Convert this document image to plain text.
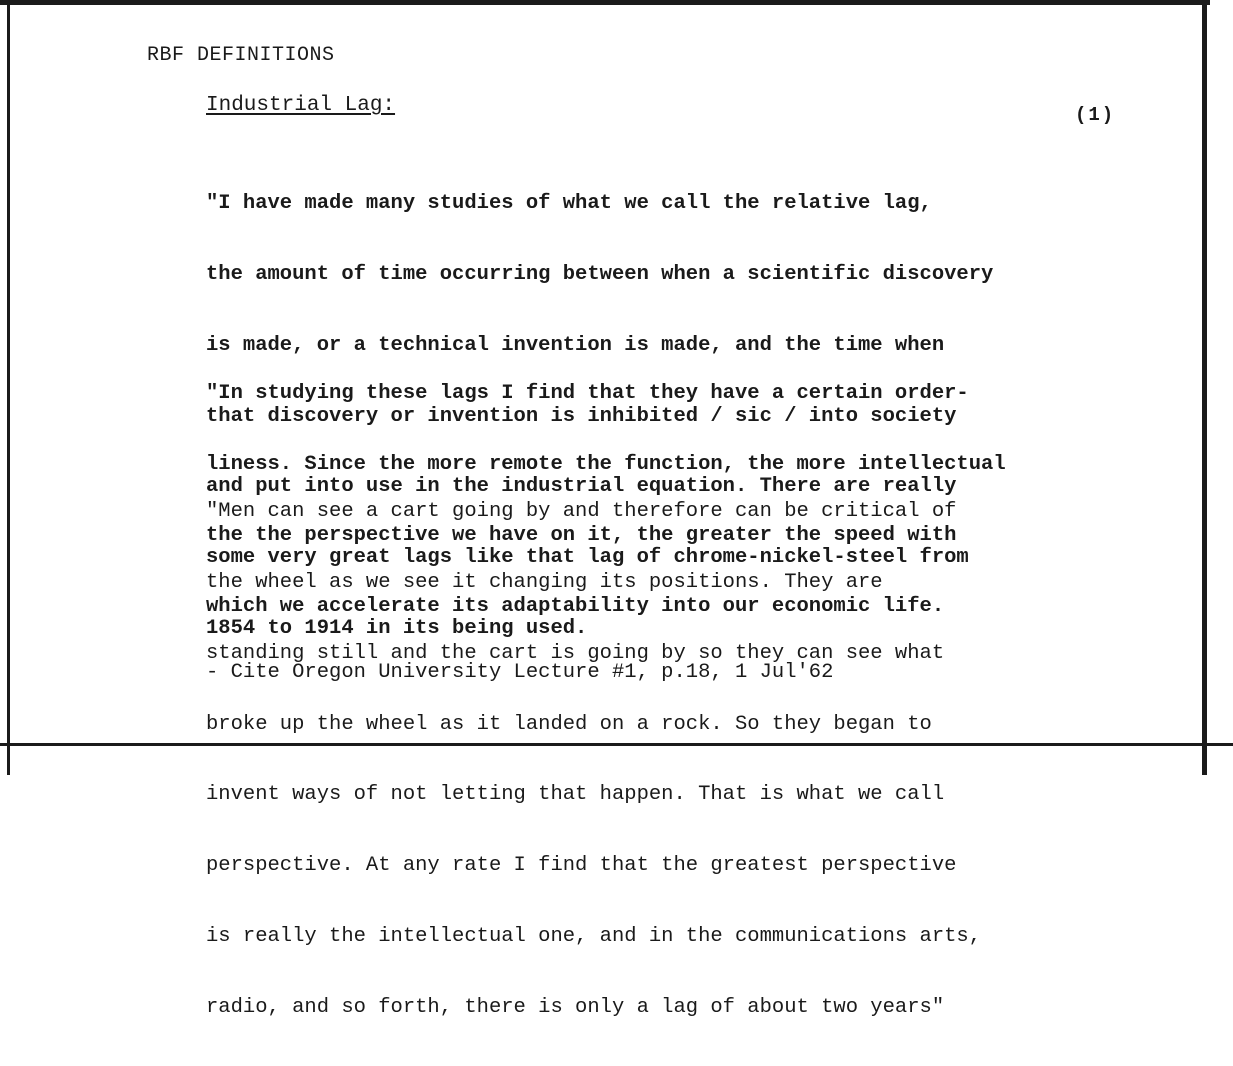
RBF DEFINITIONS
Industrial Lag:	(1)

"I have made many studies of what we call the relative lag,

the amount of time occurring between when a scientific discovery

is made, or a technical invention is made, and the time when

that discovery or invention is inhibited / sic / into society

and put into use in the industrial equation. There are really

some very great lags like that lag of chrome-nickel-steel from

1854 to 1914 in its being used.

"In studying these lags I find that they have a certain order-

liness. Since the more remote the function, the more intellectual

the the perspective we have on it, the greater the speed with

which we accelerate its adaptability into our economic life.

"Men can see a cart going by and therefore can be critical of

the wheel as we see it changing its positions. They are

standing still and the cart is going by so they can see what

broke up the wheel as it landed on a rock. So they began to

invent ways of not letting that happen. That is what we call

perspective. At any rate I find that the greatest perspective

is really the intellectual one, and in the communications arts,

radio, and so forth, there is only a lag of about two years"

- Cite Oregon University Lecture #1, p.18, 1 Jul'62
